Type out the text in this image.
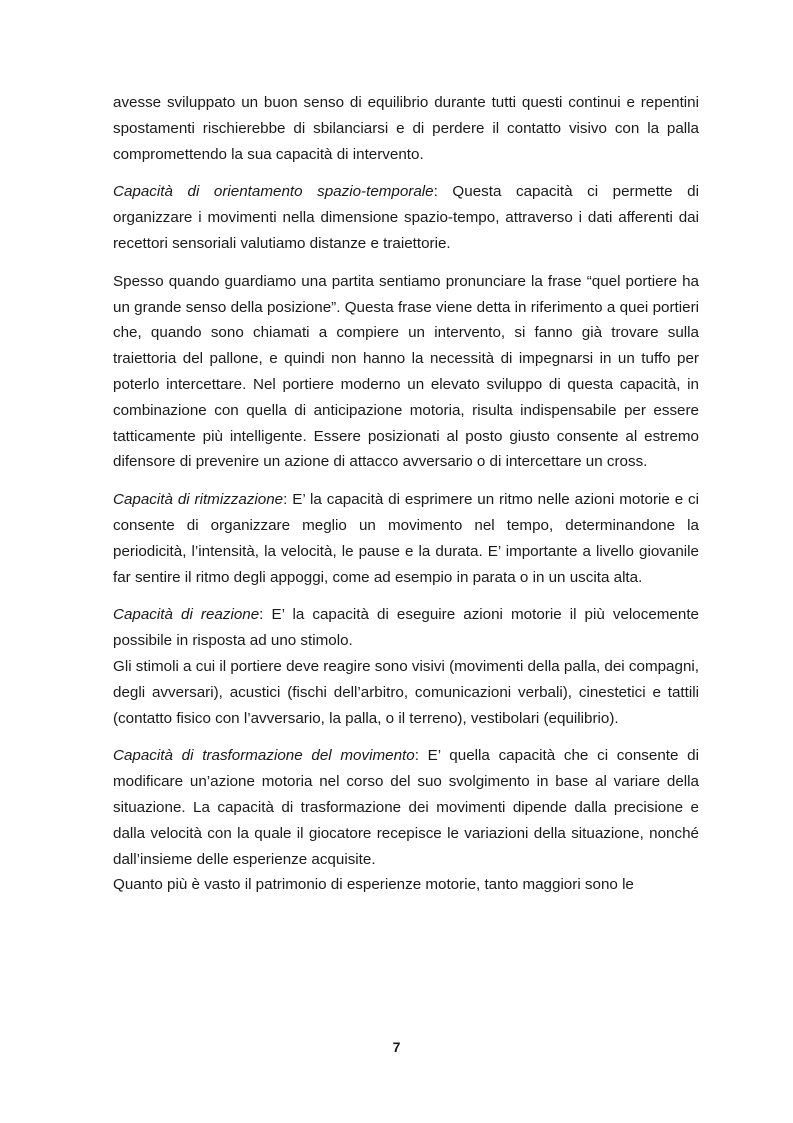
avesse sviluppato un buon senso di equilibrio durante tutti questi continui e repentini spostamenti rischierebbe di sbilanciarsi e di perdere il contatto visivo con la palla compromettendo la sua capacità di intervento.

Capacità di orientamento spazio-temporale: Questa capacità ci permette di organizzare i movimenti nella dimensione spazio-tempo, attraverso i dati afferenti dai recettori sensoriali valutiamo distanze e traiettorie.

Spesso quando guardiamo una partita sentiamo pronunciare la frase “quel portiere ha un grande senso della posizione”. Questa frase viene detta in riferimento a quei portieri che, quando sono chiamati a compiere un intervento, si fanno già trovare sulla traiettoria del pallone, e quindi non hanno la necessità di impegnarsi in un tuffo per poterlo intercettare. Nel portiere moderno un elevato sviluppo di questa capacità, in combinazione con quella di anticipazione motoria, risulta indispensabile per essere tatticamente più intelligente. Essere posizionati al posto giusto consente al estremo difensore di prevenire un azione di attacco avversario o di intercettare un cross.

Capacità di ritmizzazione: E’ la capacità di esprimere un ritmo nelle azioni motorie e ci consente di organizzare meglio un movimento nel tempo, determinandone la periodicità, l’intensità, la velocità, le pause e la durata. E’ importante a livello giovanile far sentire il ritmo degli appoggi, come ad esempio in parata o in un uscita alta.

Capacità di reazione: E’ la capacità di eseguire azioni motorie il più velocemente possibile in risposta ad uno stimolo.

Gli stimoli a cui il portiere deve reagire sono visivi (movimenti della palla, dei compagni, degli avversari), acustici (fischi dell’arbitro, comunicazioni verbali), cinestetici e tattili (contatto fisico con l’avversario, la palla, o il terreno), vestibolari (equilibrio).

Capacità di trasformazione del movimento: E’ quella capacità che ci consente di modificare un’azione motoria nel corso del suo svolgimento in base al variare della situazione. La capacità di trasformazione dei movimenti dipende dalla precisione e dalla velocità con la quale il giocatore recepisce le variazioni della situazione, nonché dall’insieme delle esperienze acquisite.

Quanto più è vasto il patrimonio di esperienze motorie, tanto maggiori sono le

7
